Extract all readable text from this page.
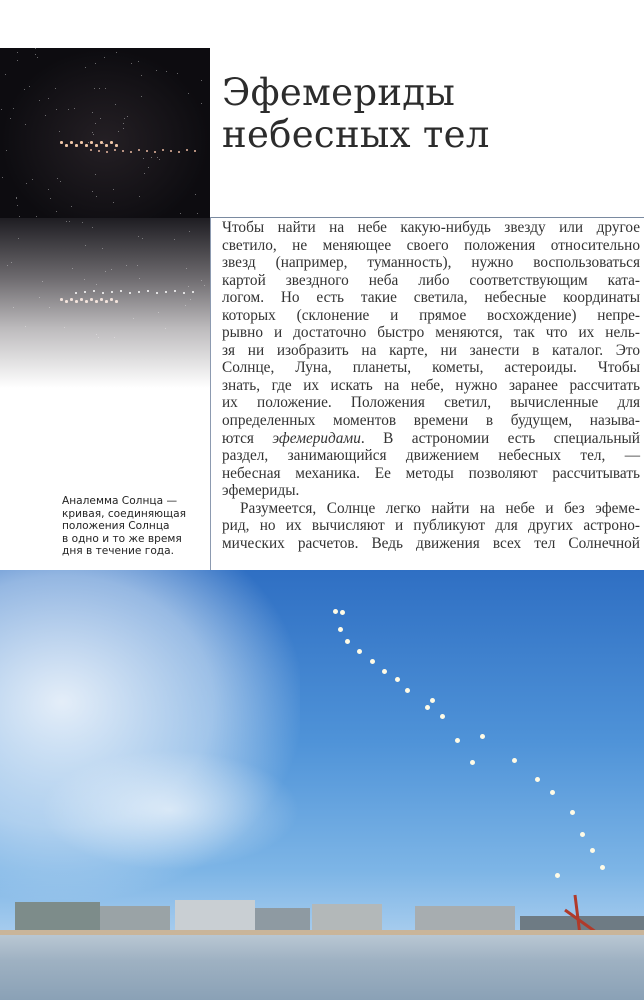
Эфемериды
небесных тел
Чтобы найти на небе какую-нибудь звезду или другое
светило, не меняющее своего положения относительно
звезд (например, туманность), нужно воспользоваться
картой звездного неба либо соответствующим ката-
логом. Но есть такие светила, небесные координаты
которых (склонение и прямое восхождение) непре-
рывно и достаточно быстро меняются, так что их нель-
зя ни изобразить на карте, ни занести в каталог. Это
Солнце, Луна, планеты, кометы, астероиды. Чтобы
знать, где их искать на небе, нужно заранее рассчитать
их положение. Положения светил, вычисленные для
определенных моментов времени в будущем, называ-
ются эфемеридами. В астрономии есть специальный
раздел, занимающийся движением небесных тел, —
небесная механика. Ее методы позволяют рассчитывать
эфемериды.
Разумеется, Солнце легко найти на небе и без эфеме-
рид, но их вычисляют и публикуют для других астроно-
мических расчетов. Ведь движения всех тел Солнечной
Аналемма Солнца —
кривая, соединяющая
положения Солнца
в одно и то же время
дня в течение года.
